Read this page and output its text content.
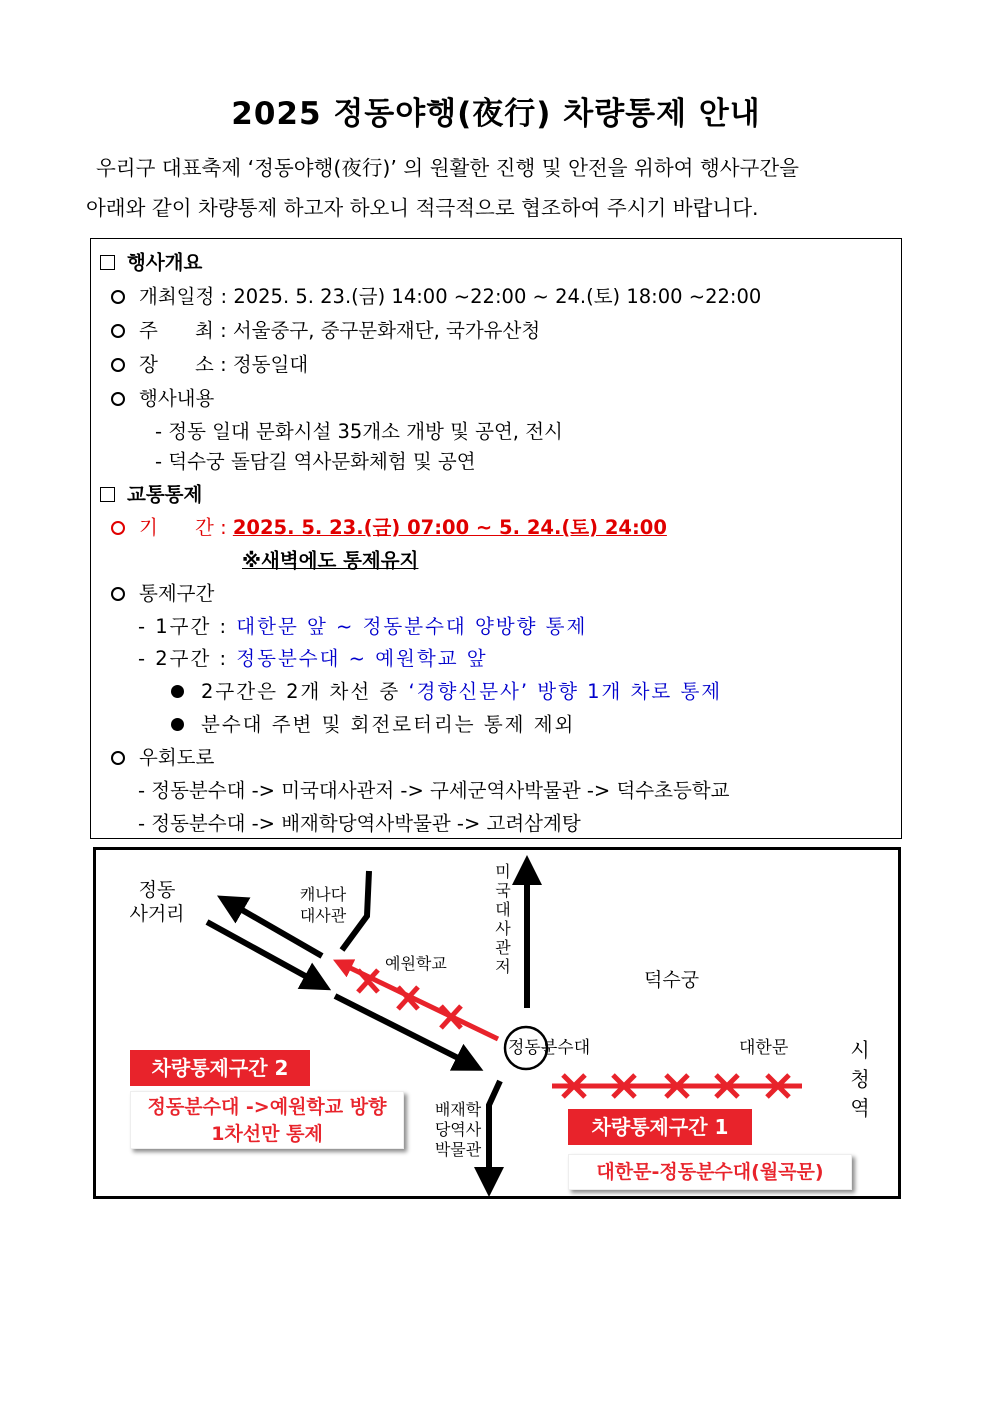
2025 정동야행(夜行) 차량통제 안내
우리구 대표축제 ‘정동야행(夜行)’ 의 원활한 진행 및 안전을 위하여 행사구간을
아래와 같이 차량통제 하고자 하오니 적극적으로 협조하여 주시기 바랍니다.
행사개요
개최일정 : 2025. 5. 23.(금) 14:00 ~22:00 ~ 24.(토) 18:00 ~22:00
주      최 : 서울중구, 중구문화재단, 국가유산청
장      소 : 정동일대
행사내용
- 정동 일대 문화시설 35개소 개방 및 공연, 전시
- 덕수궁 돌담길 역사문화체험 및 공연
교통통제
기      간 : 2025. 5. 23.(금) 07:00 ~ 5. 24.(토) 24:00
※새벽에도 통제유지
통제구간
- 1구간 : 대한문 앞 ~ 정동분수대 양방향 통제
- 2구간 : 정동분수대 ~ 예원학교 앞
2구간은 2개 차선 중 ‘경향신문사’ 방향 1개 차로 통제
분수대 주변 및 회전로터리는 통제 제외
우회도로
- 정동분수대 -> 미국대사관저 -> 구세군역사박물관 -> 덕수초등학교
- 정동분수대 -> 배재학당역사박물관 -> 고려삼계탕
정동
사거리
캐나다
대사관
예원학교
미국대사관저
덕수궁
정동분수대	대한문	시청역
배재학당역사박물관
차량통제구간 2
정동분수대 ->예원학교 방향
1차선만 통제	차량통제구간 1
대한문-정동분수대(월곡문)
